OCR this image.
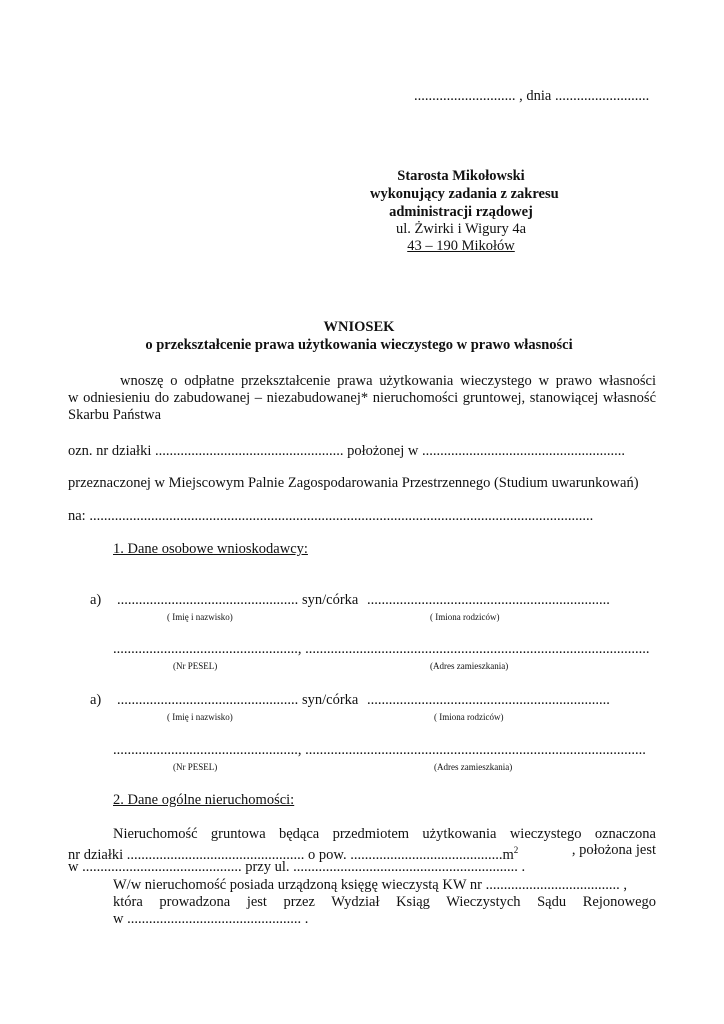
............................ , dnia ..........................
Starosta Mikołowski
wykonujący zadania z zakresu
administracji rządowej
ul. Żwirki i Wigury 4a
43 – 190 Mikołów
WNIOSEK
o przekształcenie prawa użytkowania wieczystego w prawo własności
wnoszę o odpłatne przekształcenie prawa użytkowania wieczystego w prawo własności
w odniesieniu do zabudowanej – niezabudowanej* nieruchomości gruntowej, stanowiącej własność
Skarbu Państwa
ozn. nr działki .................................................... położonej w ........................................................
przeznaczonej w Miejscowym Palnie Zagospodarowania Przestrzennego (Studium uwarunkowań)
na: ...........................................................................................................................................
1. Dane osobowe wnioskodawcy:
a) .................................................. syn/córka ...................................................................
( Imię i nazwisko)	( Imiona rodziców)
..................................................., ...............................................................................................
(Nr PESEL)	(Adres zamieszkania)
a) .................................................. syn/córka ...................................................................
( Imię i nazwisko)	( Imiona rodziców)
..................................................., ..............................................................................................
(Nr PESEL)	(Adres zamieszkania)
2. Dane ogólne nieruchomości:
Nieruchomość gruntowa będąca przedmiotem użytkowania wieczystego oznaczona
nr działki ................................................. o pow. $..........................................m^2$	, położona jest
w ............................................ przy ul. .............................................................. .
W/w nieruchomość posiada urządzoną księgę wieczystą KW nr ..................................... ,
która prowadzona jest przez Wydział Ksiąg Wieczystych Sądu Rejonowego
w ................................................ .
